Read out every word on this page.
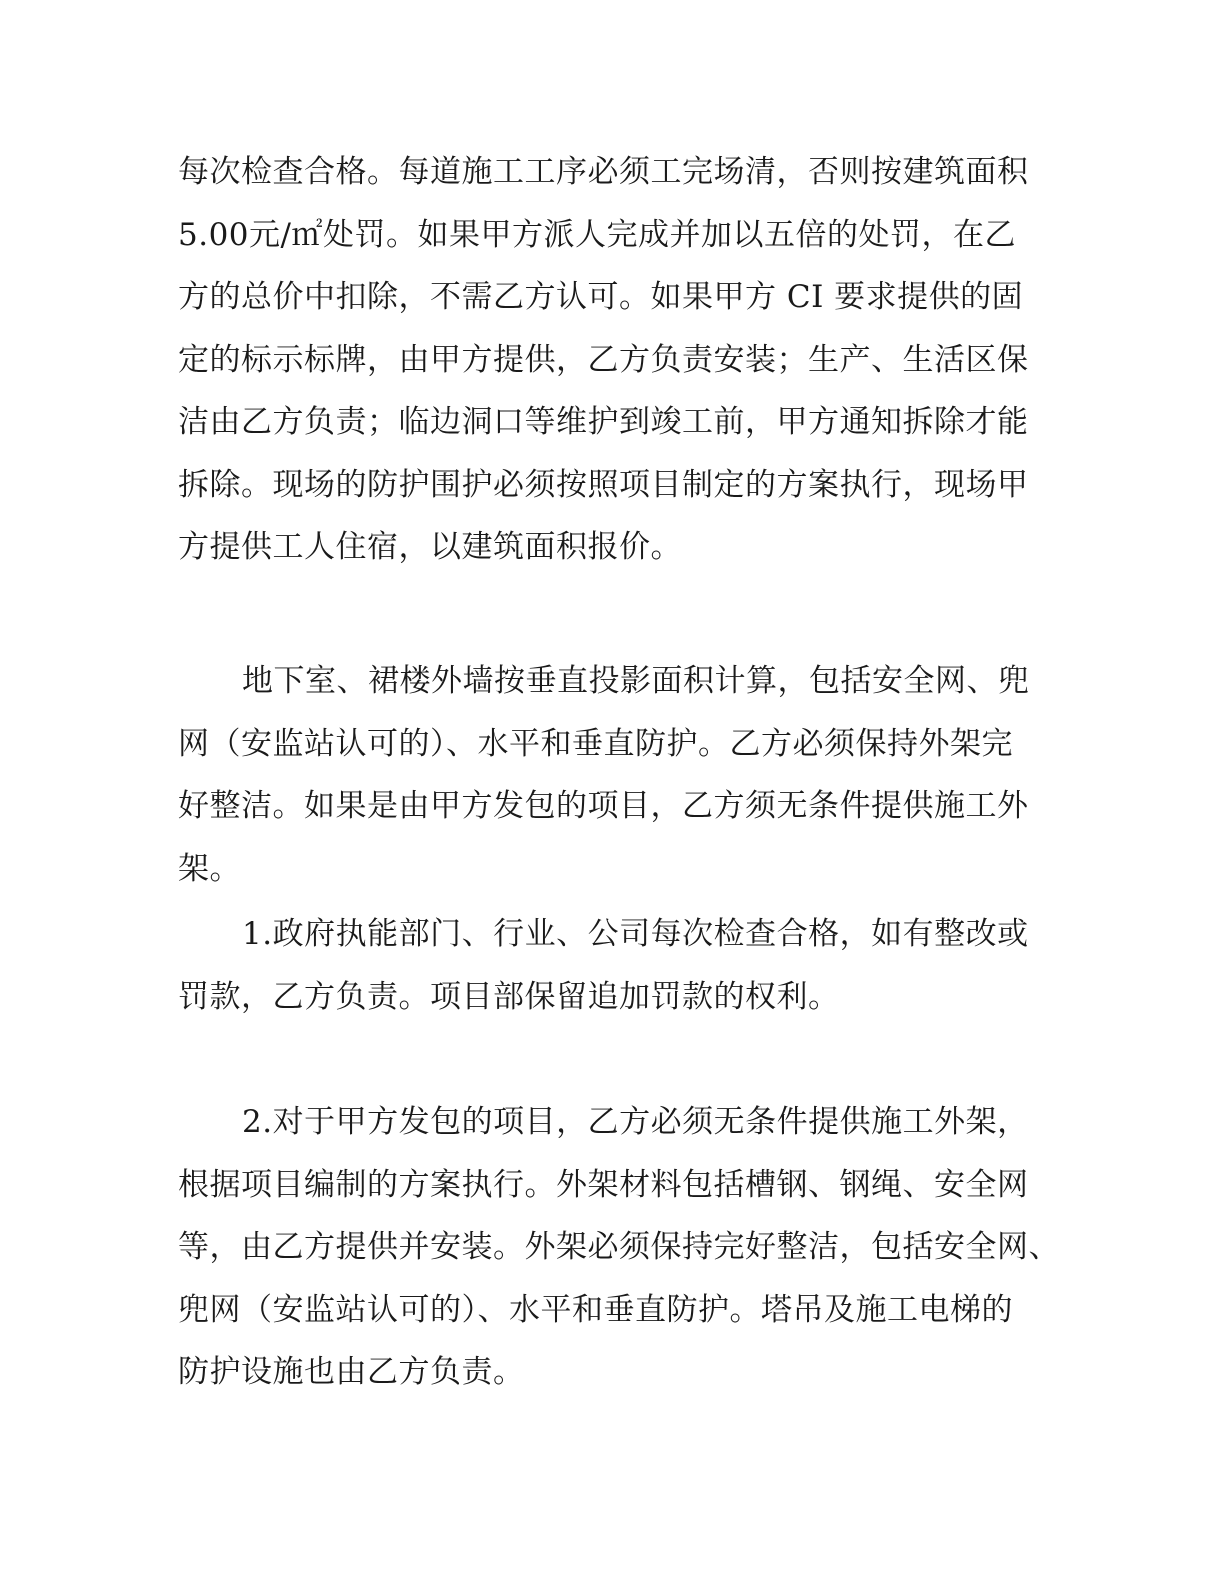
每次检查合格。每道施工工序必须工完场清，否则按建筑面积
5.00元/㎡处罚。如果甲方派人完成并加以五倍的处罚，在乙
方的总价中扣除，不需乙方认可。如果甲方 CI 要求提供的固
定的标示标牌，由甲方提供，乙方负责安装；生产、生活区保
洁由乙方负责；临边洞口等维护到竣工前，甲方通知拆除才能
拆除。现场的防护围护必须按照项目制定的方案执行，现场甲
方提供工人住宿，以建筑面积报价。
地下室、裙楼外墙按垂直投影面积计算，包括安全网、兜
网（安监站认可的）、水平和垂直防护。乙方必须保持外架完
好整洁。如果是由甲方发包的项目，乙方须无条件提供施工外
架。
1.政府执能部门、行业、公司每次检查合格，如有整改或
罚款，乙方负责。项目部保留追加罚款的权利。
2.对于甲方发包的项目，乙方必须无条件提供施工外架，
根据项目编制的方案执行。外架材料包括槽钢、钢绳、安全网
等，由乙方提供并安装。外架必须保持完好整洁，包括安全网、
兜网（安监站认可的）、水平和垂直防护。塔吊及施工电梯的
防护设施也由乙方负责。
